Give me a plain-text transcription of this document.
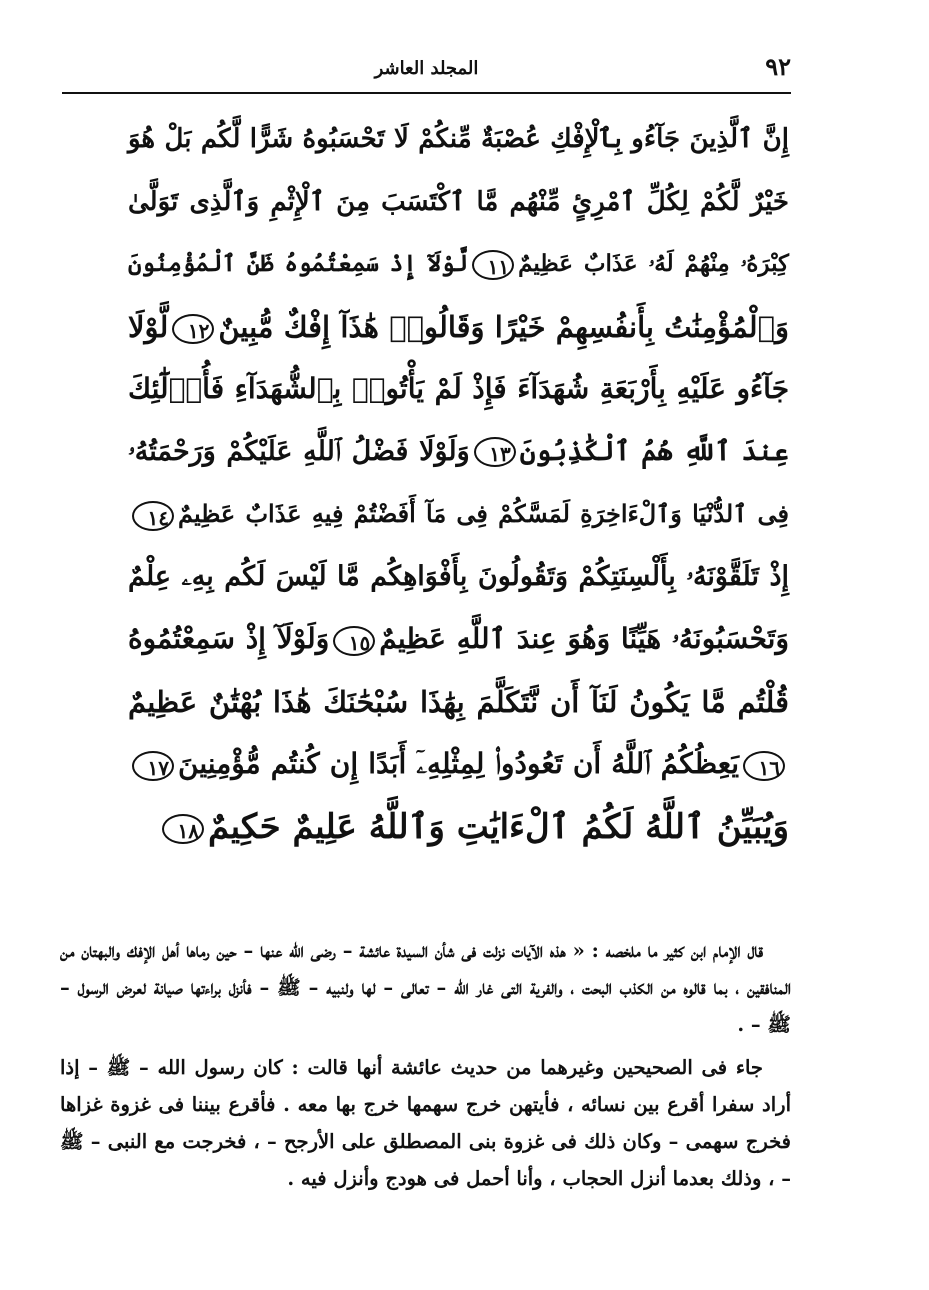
٩٢
المجلد العاشر
إِنَّ ٱلَّذِينَ جَآءُو بِٱلْإِفْكِ عُصْبَةٌ مِّنكُمْ لَا تَحْسَبُوهُ شَرًّا لَّكُم بَلْ هُوَ
خَيْرٌ لَّكُمْ لِكُلِّ ٱمْرِئٍ مِّنْهُم مَّا ٱكْتَسَبَ مِنَ ٱلْإِثْمِ وَٱلَّذِى تَوَلَّىٰ
كِبْرَهُۥ مِنْهُمْ لَهُۥ عَذَابٌ عَظِيمٌ١١لَّوْلَآ إِذْ سَمِعْتُمُوهُ ظَنَّ ٱلْمُؤْمِنُونَ
وَٱلْمُؤْمِنَٰتُ بِأَنفُسِهِمْ خَيْرًا وَقَالُوا۟ هَٰذَآ إِفْكٌ مُّبِينٌ١٢لَّوْلَا
جَآءُو عَلَيْهِ بِأَرْبَعَةِ شُهَدَآءَ فَإِذْ لَمْ يَأْتُوا۟ بِٱلشُّهَدَآءِ فَأُو۟لَٰٓئِكَ
عِندَ ٱللَّهِ هُمُ ٱلْكَٰذِبُونَ١٣وَلَوْلَا فَضْلُ ٱللَّهِ عَلَيْكُمْ وَرَحْمَتُهُۥ
فِى ٱلدُّنْيَا وَٱلْءَاخِرَةِ لَمَسَّكُمْ فِى مَآ أَفَضْتُمْ فِيهِ عَذَابٌ عَظِيمٌ١٤
إِذْ تَلَقَّوْنَهُۥ بِأَلْسِنَتِكُمْ وَتَقُولُونَ بِأَفْوَاهِكُم مَّا لَيْسَ لَكُم بِهِۦ عِلْمٌ
وَتَحْسَبُونَهُۥ هَيِّنًا وَهُوَ عِندَ ٱللَّهِ عَظِيمٌ١٥وَلَوْلَآ إِذْ سَمِعْتُمُوهُ
قُلْتُم مَّا يَكُونُ لَنَآ أَن نَّتَكَلَّمَ بِهَٰذَا سُبْحَٰنَكَ هَٰذَا بُهْتَٰنٌ عَظِيمٌ
١٦يَعِظُكُمُ ٱللَّهُ أَن تَعُودُوا۟ لِمِثْلِهِۦٓ أَبَدًا إِن كُنتُم مُّؤْمِنِينَ١٧
وَيُبَيِّنُ ٱللَّهُ لَكُمُ ٱلْءَايَٰتِ وَٱللَّهُ عَلِيمٌ حَكِيمٌ١٨

قال الإمام ابن كثير ما ملخصه : « هذه الآيات نزلت فى شأن السيدة عائشة – رضى الله عنها – حين رماها أهل الإفك والبهتان من المنافقين ، بما قالوه من الكذب البحت ، والفرية التى غار الله – تعالى – لها ولنبيه – ﷺ – فأنزل براءتها صيانة لعرض الرسول – ﷺ – .

جاء فى الصحيحين وغيرهما من حديث عائشة أنها قالت : كان رسول الله – ﷺ – إذا أراد سفرا أقرع بين نسائه ، فأيتهن خرج سهمها خرج بها معه . فأقرع بيننا فى غزوة غزاها فخرج سهمى – وكان ذلك فى غزوة بنى المصطلق على الأرجح – ، فخرجت مع النبى – ﷺ – ، وذلك بعدما أنزل الحجاب ، وأنا أحمل فى هودج وأنزل فيه .
